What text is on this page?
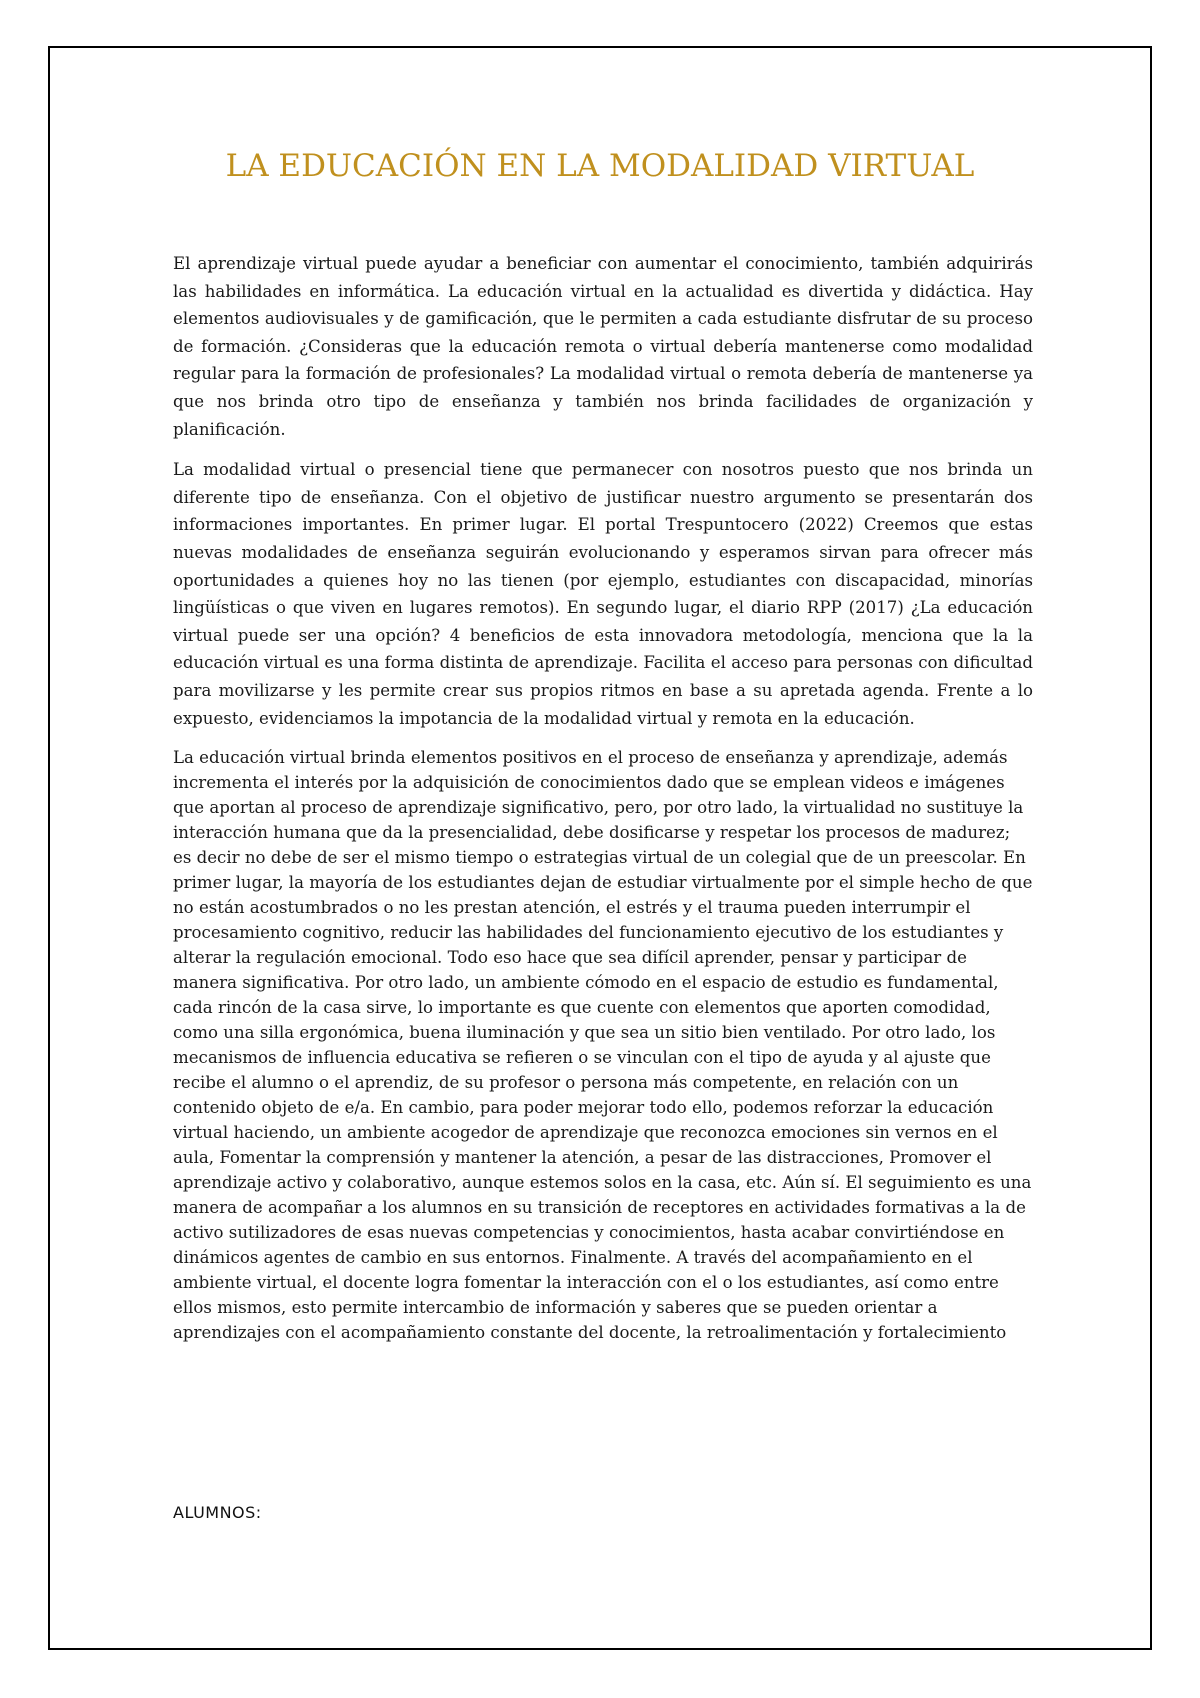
LA EDUCACIÓN EN LA MODALIDAD VIRTUAL

El aprendizaje virtual puede ayudar a beneficiar con aumentar el conocimiento, también adquirirás las habilidades en informática. La educación virtual en la actualidad es divertida y didáctica. Hay elementos audiovisuales y de gamificación, que le permiten a cada estudiante disfrutar de su proceso de formación. ¿Consideras que la educación remota o virtual debería mantenerse como modalidad regular para la formación de profesionales? La modalidad virtual o remota debería de mantenerse ya que nos brinda otro tipo de enseñanza y también nos brinda facilidades de organización y planificación.

La modalidad virtual o presencial tiene que permanecer con nosotros puesto que nos brinda un diferente tipo de enseñanza. Con el objetivo de justificar nuestro argumento se presentarán dos informaciones importantes. En primer lugar. El portal Trespuntocero (2022) Creemos que estas nuevas modalidades de enseñanza seguirán evolucionando y esperamos sirvan para ofrecer más oportunidades a quienes hoy no las tienen (por ejemplo, estudiantes con discapacidad, minorías lingüísticas o que viven en lugares remotos). En segundo lugar, el diario RPP (2017) ¿La educación virtual puede ser una opción? 4 beneficios de esta innovadora metodología, menciona que la la educación virtual es una forma distinta de aprendizaje. Facilita el acceso para personas con dificultad para movilizarse y les permite crear sus propios ritmos en base a su apretada agenda. Frente a lo expuesto, evidenciamos la impotancia de la modalidad virtual y remota en la educación.

La educación virtual brinda elementos positivos en el proceso de enseñanza y aprendizaje, además incrementa el interés por la adquisición de conocimientos dado que se emplean videos e imágenes que aportan al proceso de aprendizaje significativo, pero, por otro lado, la virtualidad no sustituye la interacción humana que da la presencialidad, debe dosificarse y respetar los procesos de madurez; es decir no debe de ser el mismo tiempo o estrategias virtual de un colegial que de un preescolar. En primer lugar, la mayoría de los estudiantes dejan de estudiar virtualmente por el simple hecho de que no están acostumbrados o no les prestan atención, el estrés y el trauma pueden interrumpir el procesamiento cognitivo, reducir las habilidades del funcionamiento ejecutivo de los estudiantes y alterar la regulación emocional. Todo eso hace que sea difícil aprender, pensar y participar de manera significativa. Por otro lado, un ambiente cómodo en el espacio de estudio es fundamental, cada rincón de la casa sirve, lo importante es que cuente con elementos que aporten comodidad, como una silla ergonómica, buena iluminación y que sea un sitio bien ventilado. Por otro lado, los mecanismos de influencia educativa se refieren o se vinculan con el tipo de ayuda y al ajuste que recibe el alumno o el aprendiz, de su profesor o persona más competente, en relación con un contenido objeto de e/a. En cambio, para poder mejorar todo ello, podemos reforzar la educación virtual haciendo, un ambiente acogedor de aprendizaje que reconozca emociones sin vernos en el aula, Fomentar la comprensión y mantener la atención, a pesar de las distracciones, Promover el aprendizaje activo y colaborativo, aunque estemos solos en la casa, etc. Aún sí. El seguimiento es una manera de acompañar a los alumnos en su transición de receptores en actividades formativas a la de activo sutilizadores de esas nuevas competencias y conocimientos, hasta acabar convirtiéndose en dinámicos agentes de cambio en sus entornos. Finalmente. A través del acompañamiento en el ambiente virtual, el docente logra fomentar la interacción con el o los estudiantes, así como entre ellos mismos, esto permite intercambio de información y saberes que se pueden orientar a aprendizajes con el acompañamiento constante del docente, la retroalimentación y fortalecimiento

ALUMNOS:
